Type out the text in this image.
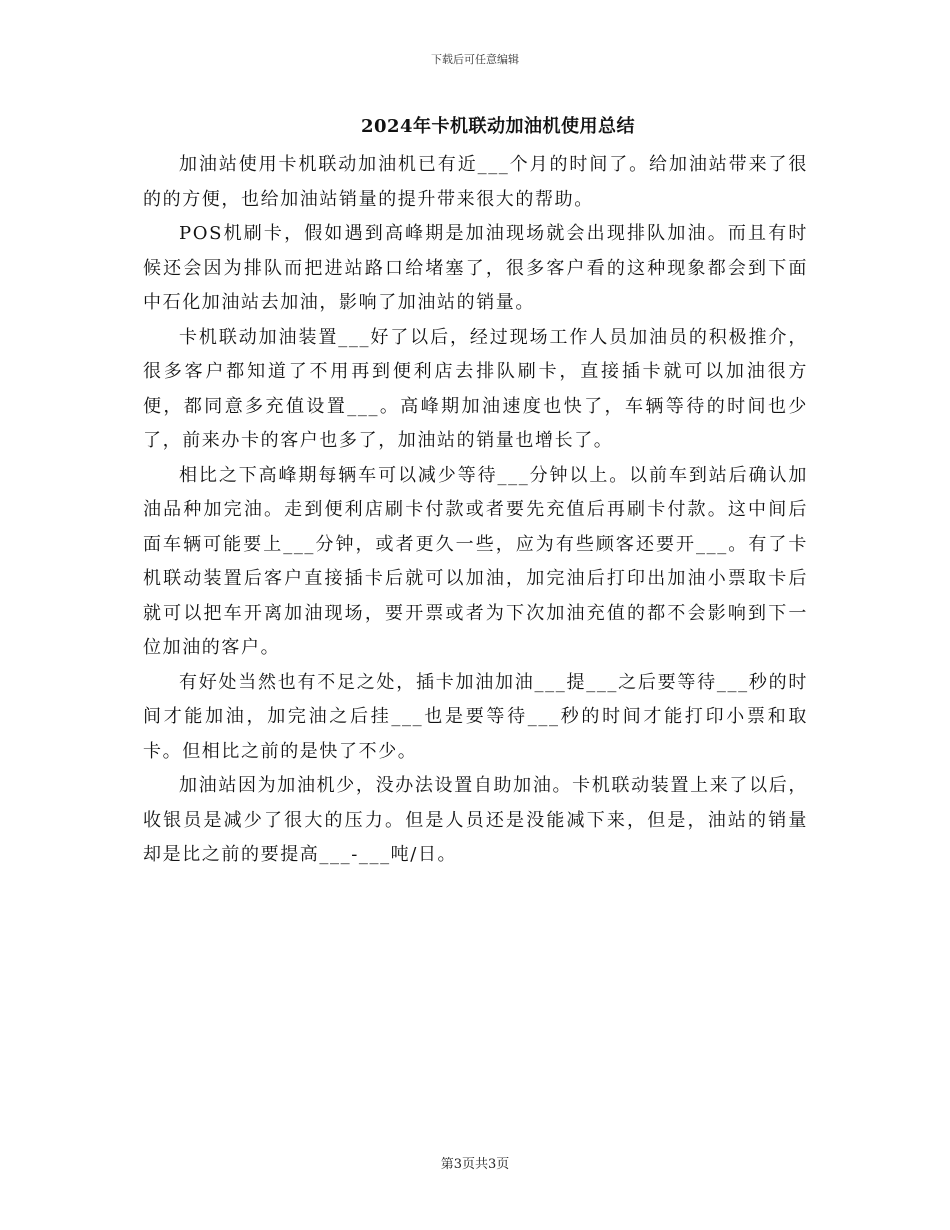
下载后可任意编辑
2024年卡机联动加油机使用总结

加油站使用卡机联动加油机已有近___个月的时间了。给加油站带来了很的的方便，也给加油站销量的提升带来很大的帮助。

POS机刷卡，假如遇到高峰期是加油现场就会出现排队加油。而且有时候还会因为排队而把进站路口给堵塞了，很多客户看的这种现象都会到下面中石化加油站去加油，影响了加油站的销量。

卡机联动加油装置___好了以后，经过现场工作人员加油员的积极推介，很多客户都知道了不用再到便利店去排队刷卡，直接插卡就可以加油很方便，都同意多充值设置___。高峰期加油速度也快了，车辆等待的时间也少了，前来办卡的客户也多了，加油站的销量也增长了。

相比之下高峰期每辆车可以减少等待___分钟以上。以前车到站后确认加油品种加完油。走到便利店刷卡付款或者要先充值后再刷卡付款。这中间后面车辆可能要上___分钟，或者更久一些，应为有些顾客还要开___。有了卡机联动装置后客户直接插卡后就可以加油，加完油后打印出加油小票取卡后就可以把车开离加油现场，要开票或者为下次加油充值的都不会影响到下一位加油的客户。

有好处当然也有不足之处，插卡加油加油___提___之后要等待___秒的时间才能加油，加完油之后挂___也是要等待___秒的时间才能打印小票和取卡。但相比之前的是快了不少。

加油站因为加油机少，没办法设置自助加油。卡机联动装置上来了以后，收银员是减少了很大的压力。但是人员还是没能减下来，但是，油站的销量却是比之前的要提高___-___吨/日。

第3页共3页
